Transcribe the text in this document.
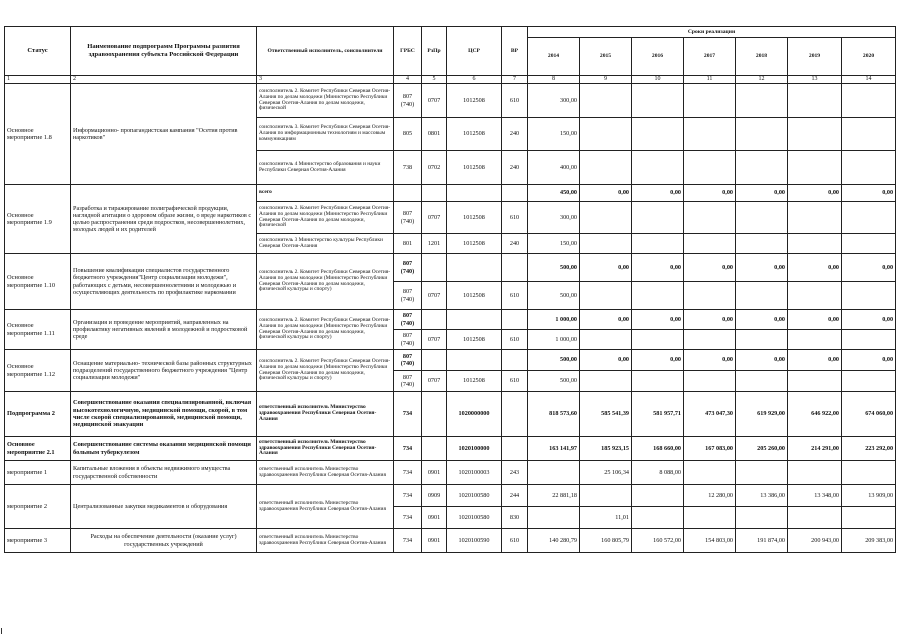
Статус	Наименование подпрограмм Программы развития здравоохранения субъекта Российской Федерации	Ответственный исполнитель, соисполнители	ГРБС	РзПр	ЦСР	ВР	Сроки реализации						
							2014	2015	2016	2017	2018	2019	2020
1	2	3	4	5	6	7	8	9	10	11	12	13	14
Основное мероприятие 1.8	Информационно- пропагандистская кампания "Осетия против наркотиков"	соисполнитель 2. Комитет Республики Северная Осетия-Алания по делам молодежи (Министерство Республики Северная Осетия-Алания по делам молодежи, физической	807 (740)	0707	1012508	610	300,00						
		соисполнитель 3. Комитет Республики Северная Осетия-Алания по информационным технологиям и массовым коммуникациям	805	0801	1012508	240	150,00						
		соисполнитель 4 Министерство образования и науки Республики Северная Осетия-Алания	738	0702	1012508	240	400,00						
Основное мероприятие 1.9	Разработка и тиражирование полиграфической продукции, наглядной агитации о здоровом образе жизни, о вреде наркотиков с целью распространения среди подростков, несовершеннолетних, молодых людей и их родителей	всего					450,00	0,00	0,00	0,00	0,00	0,00	0,00
		соисполнитель 2. Комитет Республики Северная Осетия-Алания по делам молодежи (Министерство Республики Северная Осетия-Алания по делам молодежи, физической	807 (740)	0707	1012508	610	300,00						
		соисполнитель 3 Министерство культуры Республики Северная Осетия-Алания	801	1201	1012508	240	150,00						
Основное мероприятие 1.10	Повышение квалификации специалистов государственного бюджетного учреждения"Центр социализации молодежи", работающих с детьми, несовершеннолетними и молодежью и осуществляющих деятельность по профилактике наркомании	соисполнитель 2. Комитет Республики Северная Осетия-Алания по делам молодежи (Министерство Республики Северная Осетия-Алания по делам молодежи, физической культуры и спорту)	807 (740)				500,00	0,00	0,00	0,00	0,00	0,00	0,00
			807 (740)	0707	1012508	610	500,00						
Основное мероприятие 1.11	Организация и проведение мероприятий, направленных на профилактику негативных явлений в молодежной и подростковой среде	соисполнитель 2. Комитет Республики Северная Осетия-Алания по делам молодежи (Министерство Республики Северная Осетия-Алания по делам молодежи, физической культуры и спорту)	807 (740)				1 000,00	0,00	0,00	0,00	0,00	0,00	0,00
			807 (740)	0707	1012508	610	1 000,00						
Основное мероприятие 1.12	Оснащение материально- технической базы районных структурных подразделений государственного бюджетного учреждения "Центр социализации молодежи"	соисполнитель 2. Комитет Республики Северная Осетия-Алания по делам молодежи (Министерство Республики Северная Осетия-Алания по делам молодежи, физической культуры и спорту)	807 (740)				500,00	0,00	0,00	0,00	0,00	0,00	0,00
			807 (740)	0707	1012508	610	500,00						
Подпрограмма 2	Совершенствование оказания специализированной, включая высокотехнологичную, медицинской помощи, скорой, в том числе скорой специализированной, медицинской помощи, медицинской эвакуации	ответственный исполнитель Министерство здравоохранения Республики Северная Осетия-Алания	734		1020000000		818 573,60	585 541,39	581 957,71	473 047,30	619 929,00	646 922,00	674 060,00
Основное мероприятие 2.1	Совершенствование системы оказания медицинской помощи больным туберкулезом	ответственный исполнитель Министерство здравоохранения Республики Северная Осетия-Алания	734		1020100000		163 141,97	185 923,15	168 660,00	167 083,00	205 260,00	214 291,00	223 292,00
мероприятие 1	Капитальные вложения в объекты недвижимого имущества государственной собственности	ответственный исполнитель Министерство здравоохранения Республики Северная Осетия-Алания	734	0901	1020100003	243		25 106,34	8 088,00				
мероприятие 2	Централизованные закупки медикаментов и оборудования	ответственный исполнитель Министерство здравоохранения Республики Северная Осетия-Алания	734	0909	1020100580	244	22 881,18			12 280,00	13 386,00	13 348,00	13 909,00
			734	0901	1020100580	830		11,01					
мероприятие 3	Расходы на обеспечение деятельности (оказание услуг) государственных учреждений	ответственный исполнитель Министерство здравоохранения Республики Северная Осетия-Алания	734	0901	1020100590	610	140 280,79	160 805,79	160 572,00	154 803,00	191 874,00	200 943,00	209 383,00
